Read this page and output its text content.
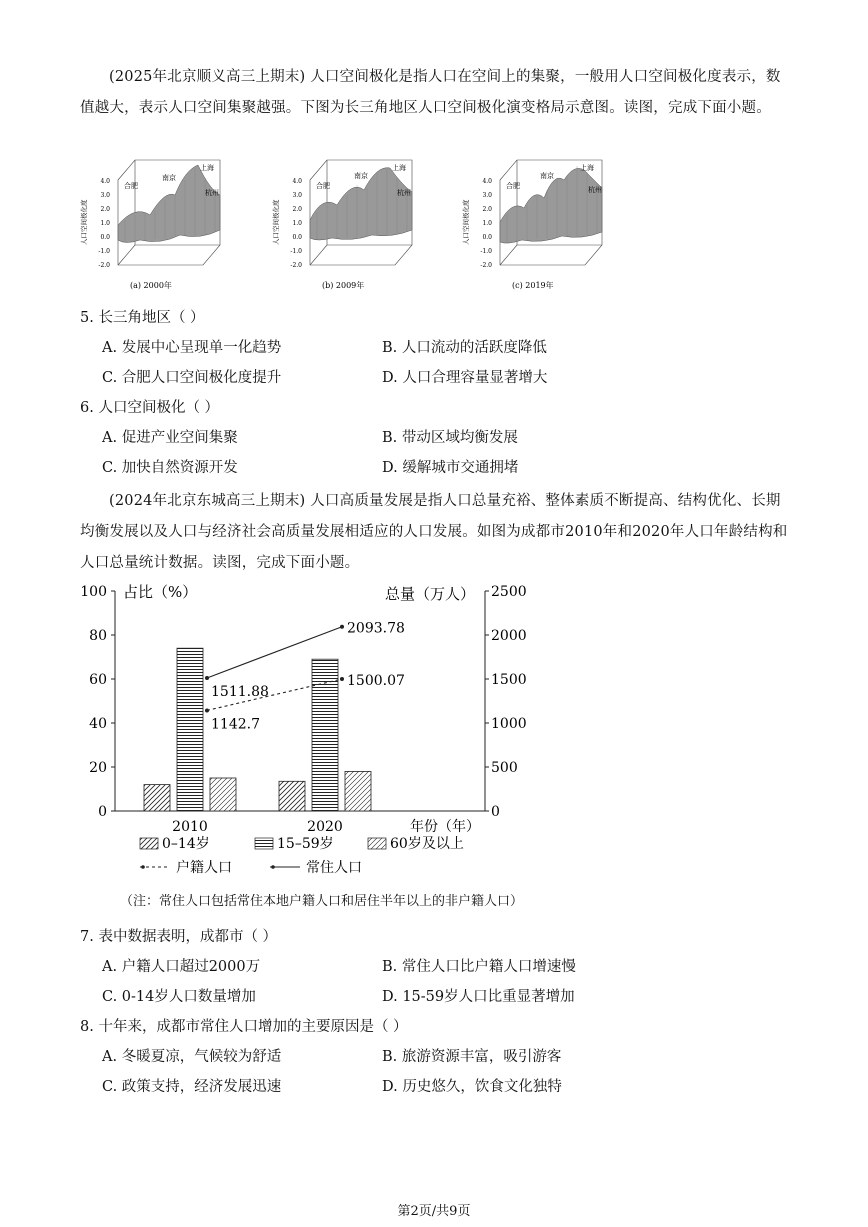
(2025年北京顺义高三上期末) 人口空间极化是指人口在空间上的集聚，一般用人口空间极化度表示，数值越大，表示人口空间集聚越强。下图为长三角地区人口空间极化演变格局示意图。读图，完成下面小题。
合肥
南京
上海
杭州
4.0
3.0
2.0
1.0
0.0
-1.0
-2.0
人口空间极化度
(a) 2000年
合肥
南京
上海
杭州
4.0
3.0
2.0
1.0
0.0
-1.0
-2.0
人口空间极化度
(b) 2009年
合肥
南京
上海
杭州
4.0
3.0
2.0
1.0
0.0
-1.0
-2.0
人口空间极化度
(c) 2019年
5. 长三角地区（ ）
A. 发展中心呈现单一化趋势	B. 人口流动的活跃度降低
C. 合肥人口空间极化度提升	D. 人口合理容量显著增大
6. 人口空间极化（ ）
A. 促进产业空间集聚	B. 带动区域均衡发展
C. 加快自然资源开发	D. 缓解城市交通拥堵
(2024年北京东城高三上期末) 人口高质量发展是指人口总量充裕、整体素质不断提高、结构优化、长期均衡发展以及人口与经济社会高质量发展相适应的人口发展。如图为成都市2010年和2020年人口年龄结构和人口总量统计数据。读图，完成下面小题。
100
80
60
40
20
0
2500
2000
1500
1000
500
0
占比（%）	总量（万人）
2010	2020	年份（年）
1142.7
1500.07
1511.88
2093.78
0–14岁	15–59岁	60岁及以上
户籍人口	常住人口
（注：常住人口包括常住本地户籍人口和居住半年以上的非户籍人口）
7. 表中数据表明，成都市（ ）
A. 户籍人口超过2000万	B. 常住人口比户籍人口增速慢
C. 0-14岁人口数量增加	D. 15-59岁人口比重显著增加
8. 十年来，成都市常住人口增加的主要原因是（ ）
A. 冬暖夏凉，气候较为舒适	B. 旅游资源丰富，吸引游客
C. 政策支持，经济发展迅速	D. 历史悠久，饮食文化独特
第2页/共9页
